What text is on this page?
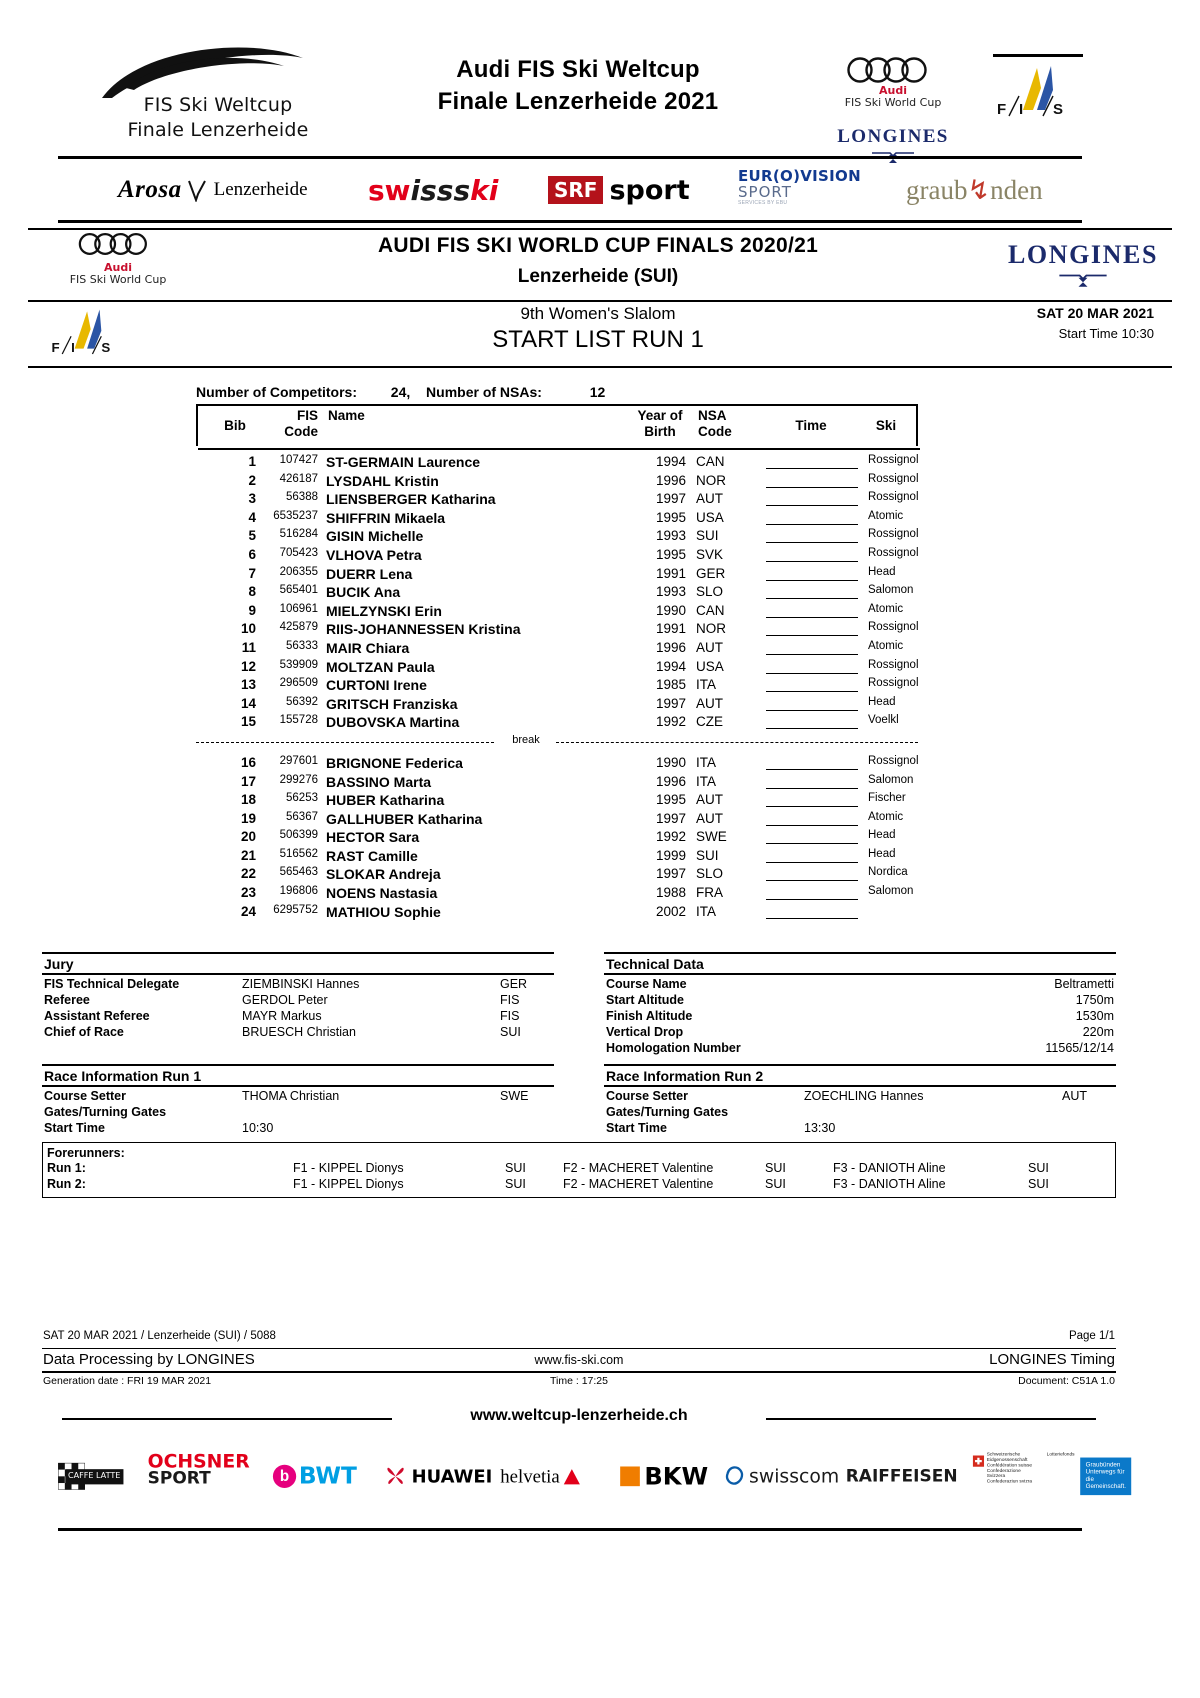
FIS Ski Weltcup
Finale Lenzerheide
Audi FIS Ski Weltcup
Finale Lenzerheide 2021	Audi
FIS Ski World Cup
LONGINES
F I S
Arosa Lenzerheide sw isss ki	SRF sport	EUR(O)VISION
SPORT
SERVICES BY EBU	graub ↯ nden
Audi
FIS Ski World Cup
AUDI FIS SKI WORLD CUP FINALS 2020/21
Lenzerheide (SUI)
LONGINES
F I S
9th Women's Slalom
START LIST RUN 1
SAT 20 MAR 2021
Start Time 10:30
Number of Competitors: 24, Number of NSAs:	12
Bib
FIS
Code
Name	Year of
Birth
NSA
Code	Time	Ski
1	107427 ST-GERMAIN Laurence	1994 CAN	Rossignol
2	426187 LYSDAHL Kristin	1996 NOR	Rossignol
3	56388 LIENSBERGER Katharina	1997 AUT	Rossignol
4	6535237 SHIFFRIN Mikaela	1995 USA	Atomic
5	516284 GISIN Michelle	1993 SUI	Rossignol
6	705423 VLHOVA Petra	1995 SVK	Rossignol
7	206355 DUERR Lena	1991 GER	Head
8	565401 BUCIK Ana	1993 SLO	Salomon
9	106961 MIELZYNSKI Erin	1990 CAN	Atomic
10	425879 RIIS-JOHANNESSEN Kristina	1991 NOR	Rossignol
11	56333 MAIR Chiara	1996 AUT	Atomic
12	539909 MOLTZAN Paula	1994 USA	Rossignol
13	296509 CURTONI Irene	1985 ITA	Rossignol
14	56392 GRITSCH Franziska	1997 AUT	Head
15	155728 DUBOVSKA Martina	1992 CZE	Voelkl
break
16	297601 BRIGNONE Federica	1990 ITA	Rossignol
17	299276 BASSINO Marta	1996 ITA	Salomon
18	56253 HUBER Katharina	1995 AUT	Fischer
19	56367 GALLHUBER Katharina	1997 AUT	Atomic
20	506399 HECTOR Sara	1992 SWE	Head
21	516562 RAST Camille	1999 SUI	Head
22	565463 SLOKAR Andreja	1997 SLO	Nordica
23	196806 NOENS Nastasia	1988 FRA	Salomon
24	6295752 MATHIOU Sophie	2002 ITA
Jury
FIS Technical Delegate	ZIEMBINSKI Hannes	GER
Referee	GERDOL Peter	FIS
Assistant Referee	MAYR Markus	FIS
Chief of Race	BRUESCH Christian	SUI
Technical Data
Course Name	Beltrametti
Start Altitude	1750m
Finish Altitude	1530m
Vertical Drop	220m
Homologation Number	11565/12/14
Race Information Run 1
Course Setter	THOMA Christian	SWE
Gates/Turning Gates
Start Time	10:30
Race Information Run 2
Course Setter	ZOECHLING Hannes	AUT
Gates/Turning Gates
Start Time	13:30
Forerunners:
Run 1:	F1 - KIPPEL Dionys	SUI	F2 - MACHERET Valentine	SUI	F3 - DANIOTH Aline	SUI
Run 2:	F1 - KIPPEL Dionys	SUI	F2 - MACHERET Valentine	SUI	F3 - DANIOTH Aline	SUI
SAT 20 MAR 2021 / Lenzerheide (SUI) / 5088	Page 1/1
Data Processing by LONGINES	www.fis-ski.com	LONGINES Timing
Generation date : FRI 19 MAR 2021	Time : 17:25	Document: C51A 1.0
www.weltcup-lenzerheide.ch
CAFFE LATTE
OCHSNER
SPORT	b BWT	HUAWEI helvetia	BKW swisscom RAIFFEISEN
Schweizerische Eidgenossenschaft
Confédération suisse
Confederazione Svizzera
Confederaziun svizra
Lotteriefonds
Graubünden
Unterwegs für die
Gemeinschaft.
